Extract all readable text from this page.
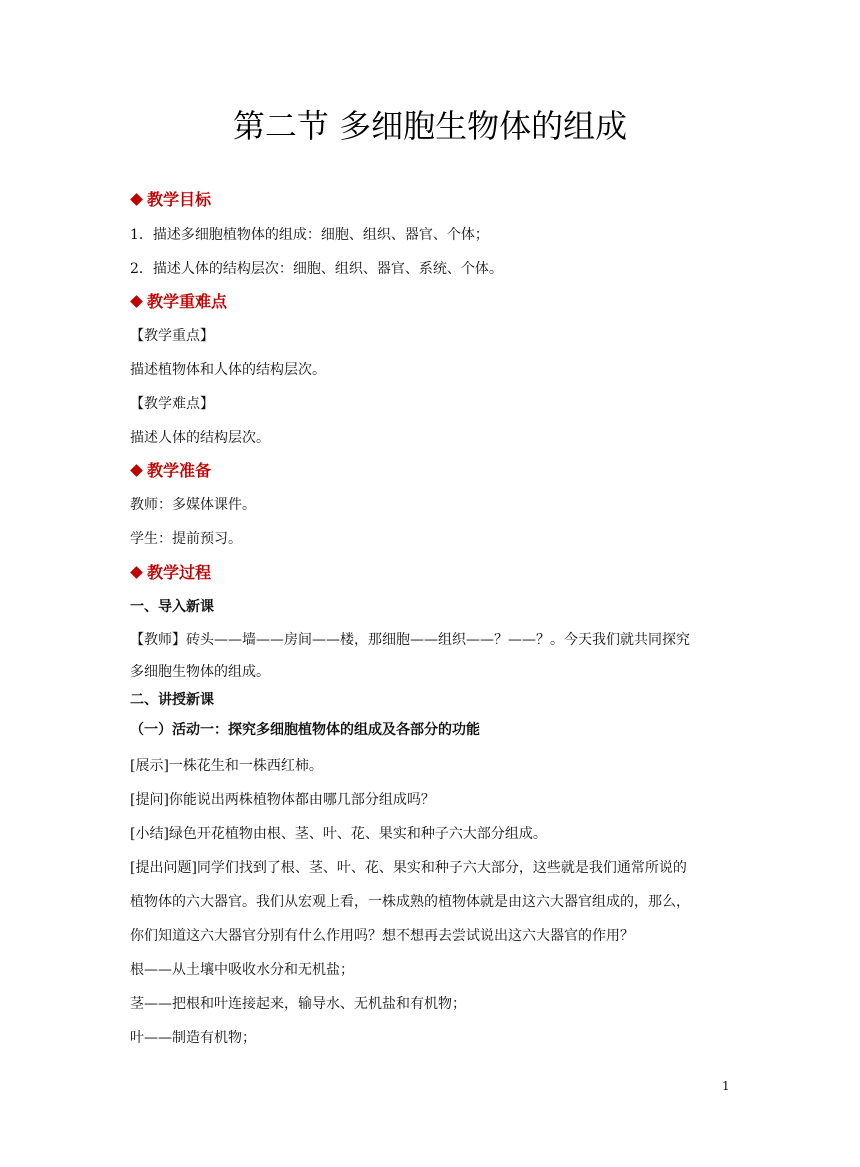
第二节 多细胞生物体的组成
教学目标
1．描述多细胞植物体的组成：细胞、组织、器官、个体；
2．描述人体的结构层次：细胞、组织、器官、系统、个体。
教学重难点
【教学重点】
描述植物体和人体的结构层次。
【教学难点】
描述人体的结构层次。
教学准备
教师：多媒体课件。
学生：提前预习。
教学过程
一、导入新课
【教师】砖头——墙——房间——楼，那细胞——组织——？——？。今天我们就共同探究
多细胞生物体的组成。
二、讲授新课
（一）活动一：探究多细胞植物体的组成及各部分的功能
[展示]一株花生和一株西红柿。
[提问]你能说出两株植物体都由哪几部分组成吗？
[小结]绿色开花植物由根、茎、叶、花、果实和种子六大部分组成。
[提出问题]同学们找到了根、茎、叶、花、果实和种子六大部分，这些就是我们通常所说的
植物体的六大器官。我们从宏观上看，一株成熟的植物体就是由这六大器官组成的，那么，
你们知道这六大器官分别有什么作用吗？想不想再去尝试说出这六大器官的作用？
根——从土壤中吸收水分和无机盐；
茎——把根和叶连接起来，输导水、无机盐和有机物；
叶——制造有机物；
1
